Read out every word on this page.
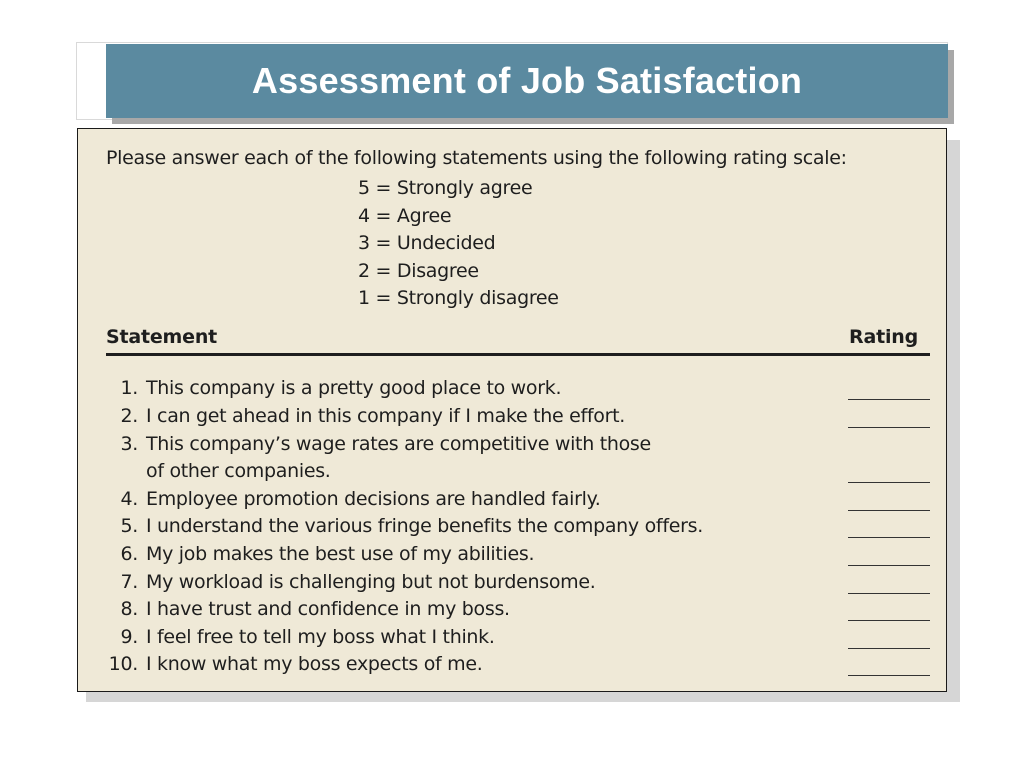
Assessment of Job Satisfaction
Please answer each of the following statements using the following rating scale:
5 = Strongly agree
4 = Agree
3 = Undecided
2 = Disagree
1 = Strongly disagree
Statement	Rating
1. This company is a pretty good place to work.
2. I can get ahead in this company if I make the effort.
3. This company’s wage rates are competitive with those
of other companies.
4. Employee promotion decisions are handled fairly.
5. I understand the various fringe benefits the company offers.
6. My job makes the best use of my abilities.
7. My workload is challenging but not burdensome.
8. I have trust and confidence in my boss.
9. I feel free to tell my boss what I think.
10. I know what my boss expects of me.
